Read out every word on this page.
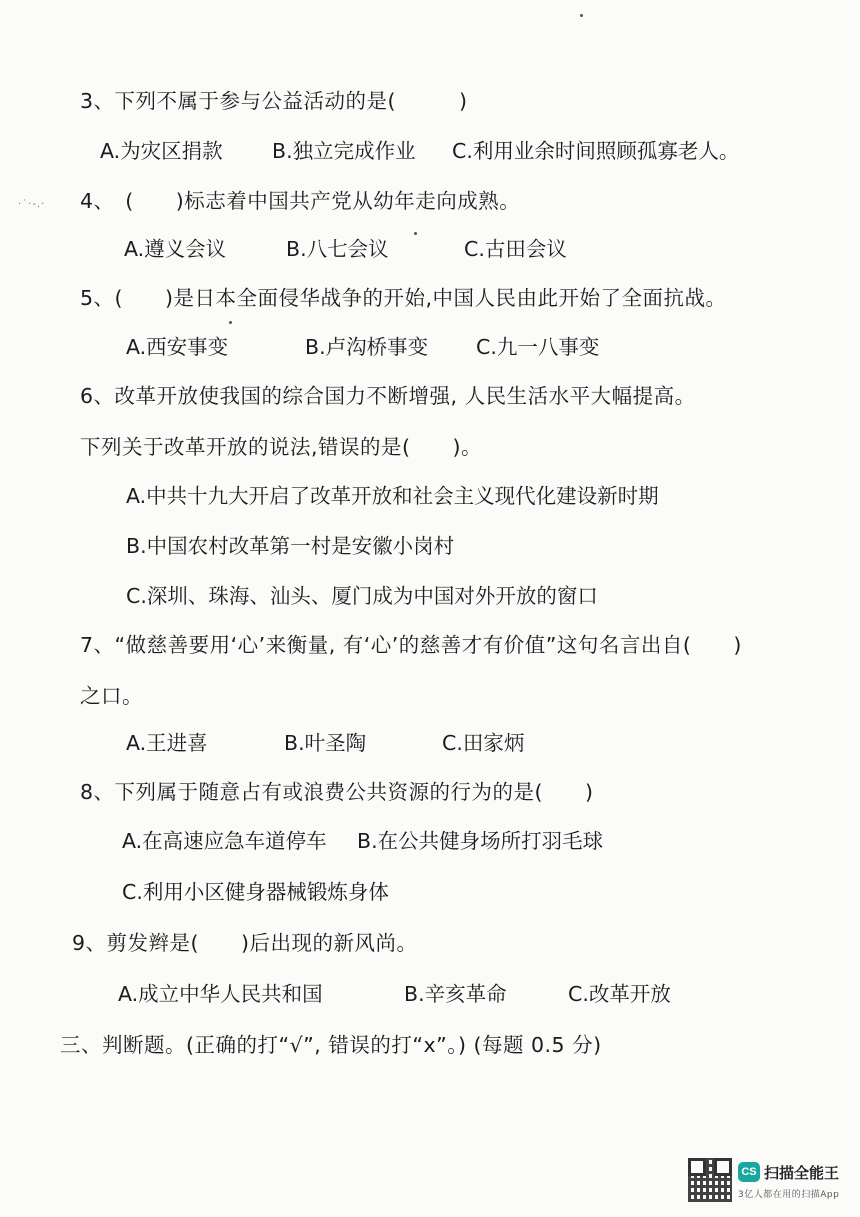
·˙·-.·
3、下列不属于参与公益活动的是(　　　)
A.为灾区捐款 B.独立完成作业 C.利用业余时间照顾孤寡老人。
4、　(　　)标志着中国共产党从幼年走向成熟。
A.遵义会议	B.八七会议	C.古田会议
5、(　　)是日本全面侵华战争的开始,中国人民由此开始了全面抗战。
A.西安事变	B.卢沟桥事变 C.九一八事变
6、改革开放使我国的综合国力不断增强, 人民生活水平大幅提高。
下列关于改革开放的说法,错误的是(　　)。
A.中共十九大开启了改革开放和社会主义现代化建设新时期
B.中国农村改革第一村是安徽小岗村
C.深圳、珠海、汕头、厦门成为中国对外开放的窗口
7、“做慈善要用‘心’来衡量, 有‘心’的慈善才有价值”这句名言出自(　　)
之口。
A.王进喜	B.叶圣陶	C.田家炳
8、下列属于随意占有或浪费公共资源的行为的是(　　)
A.在高速应急车道停车 B.在公共健身场所打羽毛球
C.利用小区健身器械锻炼身体
9、剪发辫是(　　)后出现的新风尚。
A.成立中华人民共和国	B.辛亥革命	C.改革开放
三、判断题。(正确的打“√”, 错误的打“x”。) (每题 0.5 分)
CS 扫描全能王
3亿人都在用的扫描App
